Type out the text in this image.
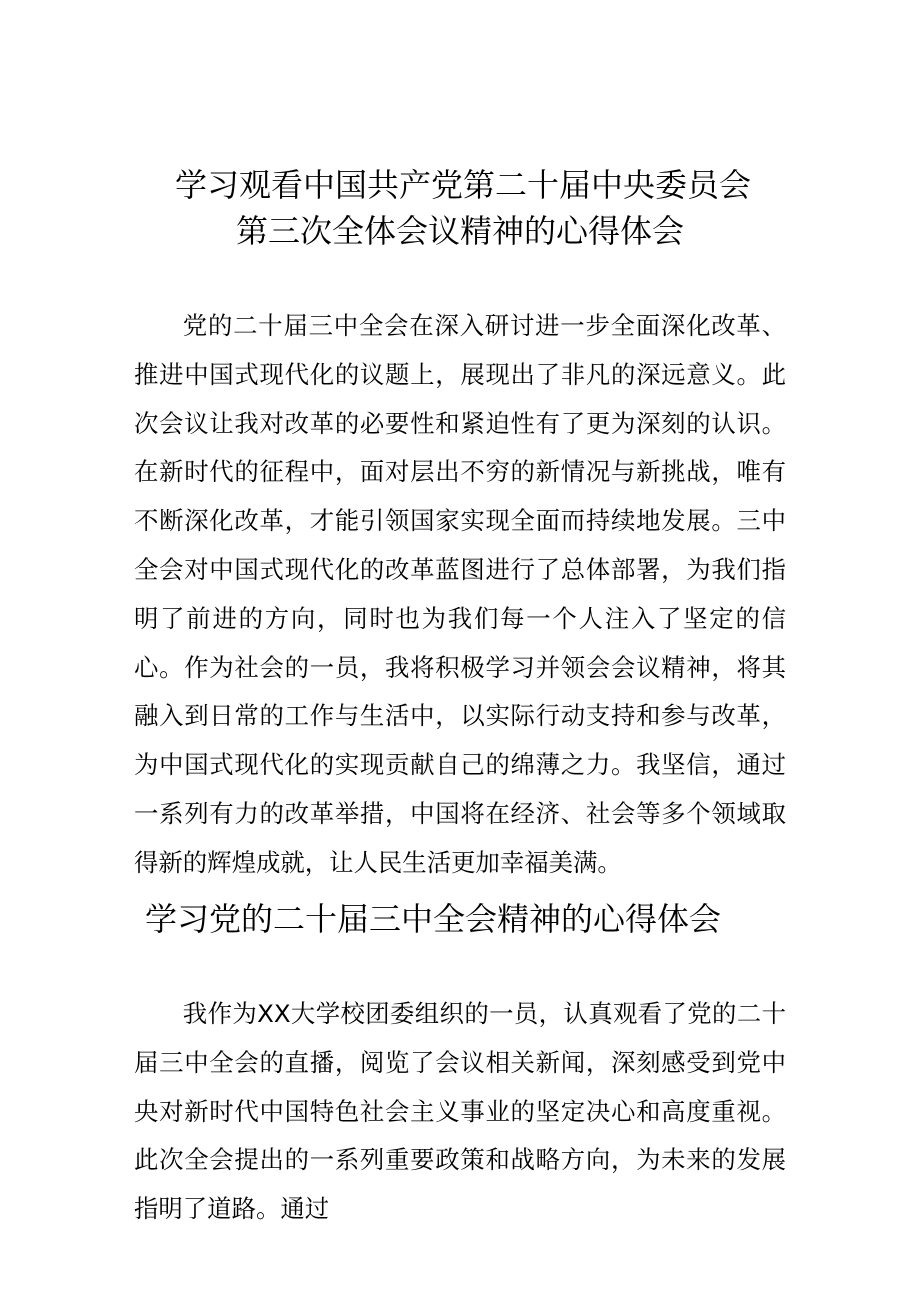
学习观看中国共产党第二十届中央委员会
第三次全体会议精神的心得体会

党的二十届三中全会在深入研讨进一步全面深化改革、推进中国式现代化的议题上，展现出了非凡的深远意义。此次会议让我对改革的必要性和紧迫性有了更为深刻的认识。在新时代的征程中，面对层出不穷的新情况与新挑战，唯有不断深化改革，才能引领国家实现全面而持续地发展。三中全会对中国式现代化的改革蓝图进行了总体部署，为我们指明了前进的方向，同时也为我们每一个人注入了坚定的信心。作为社会的一员，我将积极学习并领会会议精神，将其融入到日常的工作与生活中，以实际行动支持和参与改革，为中国式现代化的实现贡献自己的绵薄之力。我坚信，通过一系列有力的改革举措，中国将在经济、社会等多个领域取得新的辉煌成就，让人民生活更加幸福美满。

学习党的二十届三中全会精神的心得体会

我作为XX大学校团委组织的一员，认真观看了党的二十届三中全会的直播，阅览了会议相关新闻，深刻感受到党中央对新时代中国特色社会主义事业的坚定决心和高度重视。此次全会提出的一系列重要政策和战略方向，为未来的发展指明了道路。通过
